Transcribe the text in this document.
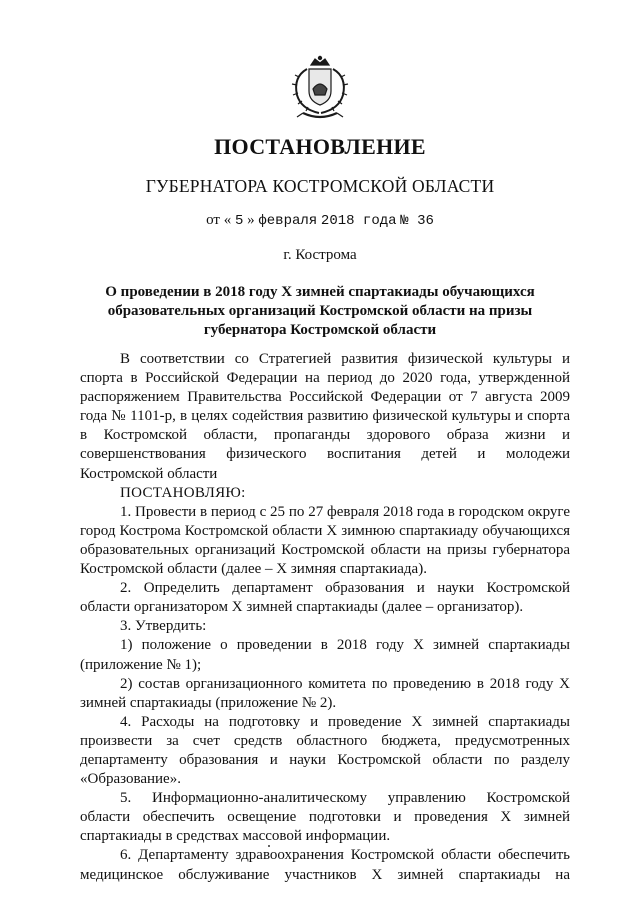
ПОСТАНОВЛЕНИЕ
ГУБЕРНАТОРА КОСТРОМСКОЙ ОБЛАСТИ
от « 5 » февраля 2018 года № 36
г. Кострома
О проведении в 2018 году Х зимней спартакиады обучающихся
образовательных организаций Костромской области на призы
губернатора Костромской области

В соответствии со Стратегией развития физической культуры и спорта в Российской Федерации на период до 2020 года, утвержденной распоряжением Правительства Российской Федерации от 7 августа 2009 года № 1101-р, в целях содействия развитию физической культуры и спорта в Костромской области, пропаганды здорового образа жизни и совершенствования физического воспитания детей и молодежи Костромской области

ПОСТАНОВЛЯЮ:

1. Провести в период с 25 по 27 февраля 2018 года в городском округе город Кострома Костромской области Х зимнюю спартакиаду обучающихся образовательных организаций Костромской области на призы губернатора Костромской области (далее – Х зимняя спартакиада).

2. Определить департамент образования и науки Костромской области организатором Х зимней спартакиады (далее – организатор).

3. Утвердить:

1) положение о проведении в 2018 году Х зимней спартакиады (приложение № 1);

2) состав организационного комитета по проведению в 2018 году Х зимней спартакиады (приложение № 2).

4. Расходы на подготовку и проведение Х зимней спартакиады произвести за счет средств областного бюджета, предусмотренных департаменту образования и науки Костромской области по разделу «Образование».

5. Информационно-аналитическому управлению Костромской области обеспечить освещение подготовки и проведения Х зимней спартакиады в средствах массовой информации.

6. Департаменту здравоохранения Костромской области обеспечить медицинское обслуживание участников Х зимней спартакиады на
